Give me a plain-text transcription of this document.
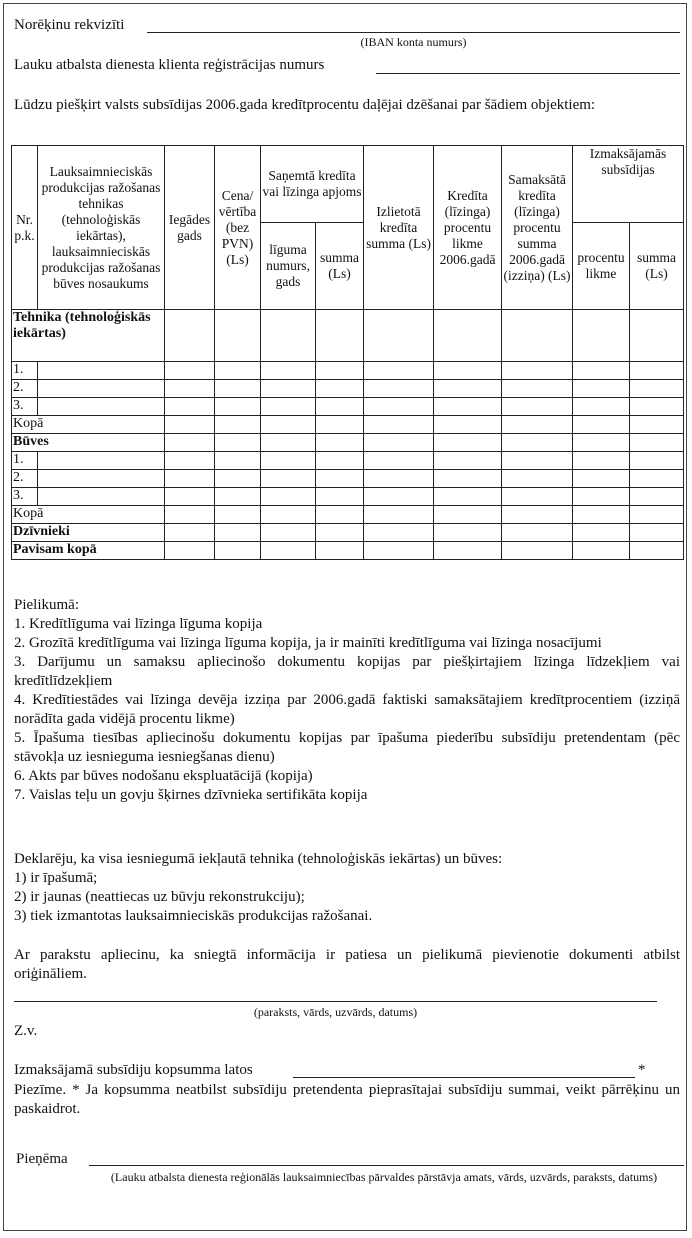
Norēķinu rekvizīti
(IBAN konta numurs)
Lauku atbalsta dienesta klienta reģistrācijas numurs
Lūdzu piešķirt valsts subsīdijas 2006.gada kredītprocentu daļējai dzēšanai par šādiem objektiem:
Nr. p.k.	Lauksaimnieciskās produkcijas ražošanas tehnikas (tehnoloģiskās iekārtas), lauksaimnieciskās produkcijas ražošanas būves nosaukums	Iegādes gads	Cena/ vērtība (bez PVN) (Ls)	Saņemtā kredīta vai līzinga apjoms		Izlietotā kredīta summa (Ls)	Kredīta (līzinga) procentu likme 2006.gadā	Samaksātā kredīta (līzinga) procentu summa 2006.gadā (izziņa) (Ls)	Izmaksājamās subsīdijas	
				līguma numurs, gads	summa (Ls)				procentu likme	summa (Ls)
Tehnika (tehnoloģiskās iekārtas)										
1.										
2.										
3.										
Kopā										
Būves										
1.										
2.										
3.										
Kopā										
Dzīvnieki										
Pavisam kopā										
Pielikumā:
1. Kredītlīguma vai līzinga līguma kopija
2. Grozītā kredītlīguma vai līzinga līguma kopija, ja ir mainīti kredītlīguma vai līzinga nosacījumi
3. Darījumu un samaksu apliecinošo dokumentu kopijas par piešķirtajiem līzinga līdzekļiem vai kredītlīdzekļiem
4. Kredītiestādes vai līzinga devēja izziņa par 2006.gadā faktiski samaksātajiem kredītprocentiem (izziņā norādīta gada vidējā procentu likme)
5. Īpašuma tiesības apliecinošu dokumentu kopijas par īpašuma piederību subsīdiju pretendentam (pēc stāvokļa uz iesnieguma iesniegšanas dienu)
6. Akts par būves nodošanu ekspluatācijā (kopija)
7. Vaislas teļu un govju šķirnes dzīvnieka sertifikāta kopija
Deklarēju, ka visa iesniegumā iekļautā tehnika (tehnoloģiskās iekārtas) un būves:
1) ir īpašumā;
2) ir jaunas (neattiecas uz būvju rekonstrukciju);
3) tiek izmantotas lauksaimnieciskās produkcijas ražošanai.
Ar parakstu apliecinu, ka sniegtā informācija ir patiesa un pielikumā pievienotie dokumenti atbilst oriģināliem.
(paraksts, vārds, uzvārds, datums)
Z.v.
Izmaksājamā subsīdiju kopsumma latos	*
Piezīme. * Ja kopsumma neatbilst subsīdiju pretendenta pieprasītajai subsīdiju summai, veikt pārrēķinu un paskaidrot.
Pieņēma
(Lauku atbalsta dienesta reģionālās lauksaimniecības pārvaldes pārstāvja amats, vārds, uzvārds, paraksts, datums)
